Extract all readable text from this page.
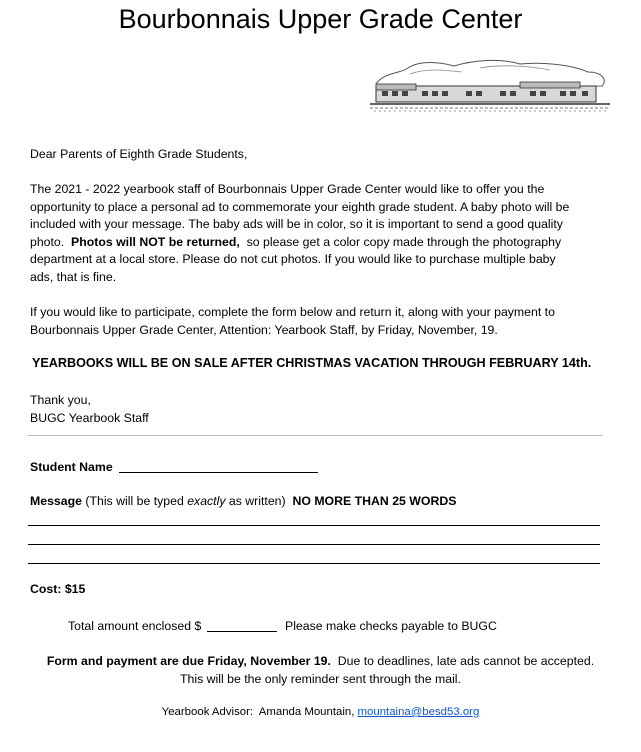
Bourbonnais Upper Grade Center
Dear Parents of Eighth Grade Students,
The 2021 - 2022 yearbook staff of Bourbonnais Upper Grade Center would like to offer you the
opportunity to place a personal ad to commemorate your eighth grade student. A baby photo will be
included with your message. The baby ads will be in color, so it is important to send a good quality
photo.  Photos will NOT be returned,  so please get a color copy made through the photography
department at a local store. Please do not cut photos. If you would like to purchase multiple baby
ads, that is fine.
If you would like to participate, complete the form below and return it, along with your payment to
Bourbonnais Upper Grade Center, Attention: Yearbook Staff, by Friday, November, 19.
YEARBOOKS WILL BE ON SALE AFTER CHRISTMAS VACATION THROUGH FEBRUARY 14th.
Thank you,
BUGC Yearbook Staff
Student Name
Message (This will be typed exactly as written)  NO MORE THAN 25 WORDS
Cost: $15
Total amount enclosed $	Please make checks payable to BUGC
Form and payment are due Friday, November 19.  Due to deadlines, late ads cannot be accepted.
This will be the only reminder sent through the mail.
Yearbook Advisor:  Amanda Mountain, mountaina@besd53.org
